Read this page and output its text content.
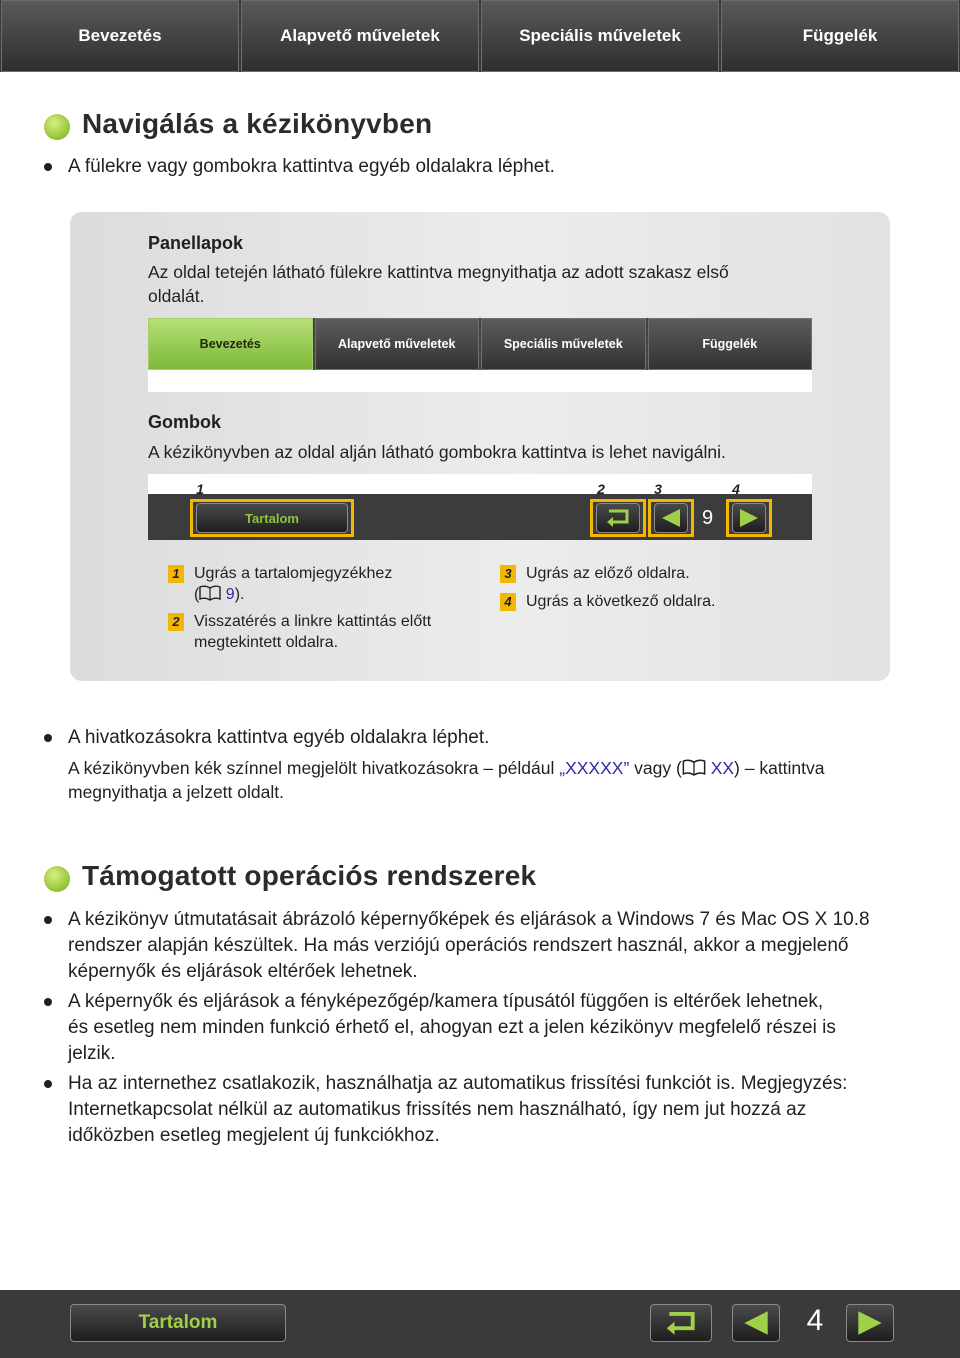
Bevezetés	Alapvető műveletek	Speciális műveletek	Függelék
Navigálás a kézikönyvben
A fülekre vagy gombokra kattintva egyéb oldalakra léphet.
Panellapok
Az oldal tetején látható fülekre kattintva megnyithatja az adott szakasz első
oldalát.
Bevezetés	Alapvető műveletek	Speciális műveletek	Függelék
Gombok
A kézikönyvben az oldal alján látható gombokra kattintva is lehet navigálni.
1	2	3	4
Tartalom	9
1 Ugrás a tartalomjegyzékhez
( 9).
2 Visszatérés a linkre kattintás előtt
megtekintett oldalra.
3 Ugrás az előző oldalra.
4 Ugrás a következő oldalra.
A hivatkozásokra kattintva egyéb oldalakra léphet.
A kézikönyvben kék színnel megjelölt hivatkozásokra – például „XXXXX” vagy ( XX) – kattintva
megnyithatja a jelzett oldalt.
Támogatott operációs rendszerek
A kézikönyv útmutatásait ábrázoló képernyőképek és eljárások a Windows 7 és Mac OS X 10.8
rendszer alapján készültek. Ha más verziójú operációs rendszert használ, akkor a megjelenő
képernyők és eljárások eltérőek lehetnek.
A képernyők és eljárások a fényképezőgép/kamera típusától függően is eltérőek lehetnek,
és esetleg nem minden funkció érhető el, ahogyan ezt a jelen kézikönyv megfelelő részei is
jelzik.
Ha az internethez csatlakozik, használhatja az automatikus frissítési funkciót is. Megjegyzés:
Internetkapcsolat nélkül az automatikus frissítés nem használható, így nem jut hozzá az
időközben esetleg megjelent új funkciókhoz.
Tartalom	4
